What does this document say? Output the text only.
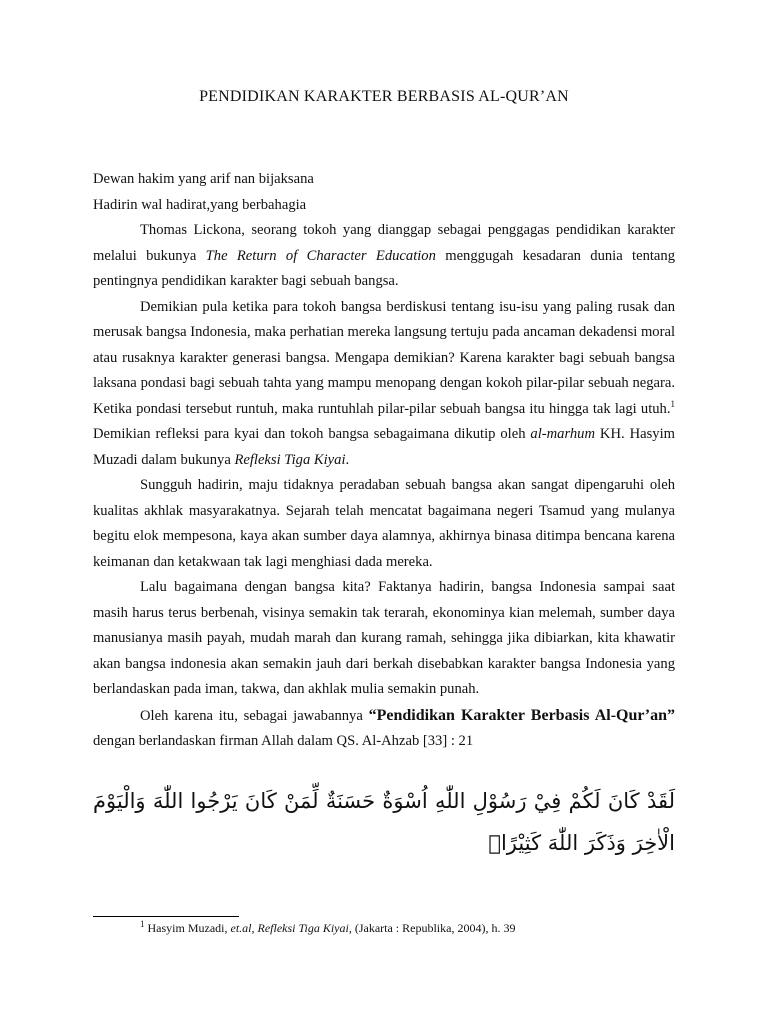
PENDIDIKAN KARAKTER BERBASIS AL-QUR’AN

Dewan hakim yang arif nan bijaksana

Hadirin wal hadirat,yang berbahagia

Thomas Lickona, seorang tokoh yang dianggap sebagai penggagas pendidikan karakter melalui bukunya The Return of Character Education menggugah kesadaran dunia tentang pentingnya pendidikan karakter bagi sebuah bangsa.

Demikian pula ketika para tokoh bangsa berdiskusi tentang isu-isu yang paling rusak dan merusak bangsa Indonesia, maka perhatian mereka langsung tertuju pada ancaman dekadensi moral atau rusaknya karakter generasi bangsa. Mengapa demikian? Karena karakter bagi sebuah bangsa laksana pondasi bagi sebuah tahta yang mampu menopang dengan kokoh pilar-pilar sebuah negara. Ketika pondasi tersebut runtuh, maka runtuhlah pilar-pilar sebuah bangsa itu hingga tak lagi utuh.$^1$ Demikian refleksi para kyai dan tokoh bangsa sebagaimana dikutip oleh al-marhum KH. Hasyim Muzadi dalam bukunya Refleksi Tiga Kiyai.

Sungguh hadirin, maju tidaknya peradaban sebuah bangsa akan sangat dipengaruhi oleh kualitas akhlak masyarakatnya. Sejarah telah mencatat bagaimana negeri Tsamud yang mulanya begitu elok mempesona, kaya akan sumber daya alamnya, akhirnya binasa ditimpa bencana karena keimanan dan ketakwaan tak lagi menghiasi dada mereka.

Lalu bagaimana dengan bangsa kita? Faktanya hadirin, bangsa Indonesia sampai saat masih harus terus berbenah, visinya semakin tak terarah, ekonominya kian melemah, sumber daya manusianya masih payah, mudah marah dan kurang ramah, sehingga jika dibiarkan, kita khawatir akan bangsa indonesia akan semakin jauh dari berkah disebabkan karakter bangsa Indonesia yang berlandaskan pada iman, takwa, dan akhlak mulia semakin punah.

Oleh karena itu, sebagai jawabannya “Pendidikan Karakter Berbasis Al-Qur’an” dengan berlandaskan firman Allah dalam QS. Al-Ahzab [33] : 21

لَقَدْ كَانَ لَكُمْ فِيْ رَسُوْلِ اللّٰهِ اُسْوَةٌ حَسَنَةٌ لِّمَنْ كَانَ يَرْجُوا اللّٰهَ وَالْيَوْمَ الْاٰخِرَ وَذَكَرَ اللّٰهَ كَثِيْرًاۗ
$^1$ Hasyim Muzadi, et.al, Refleksi Tiga Kiyai, (Jakarta : Republika, 2004), h. 39
